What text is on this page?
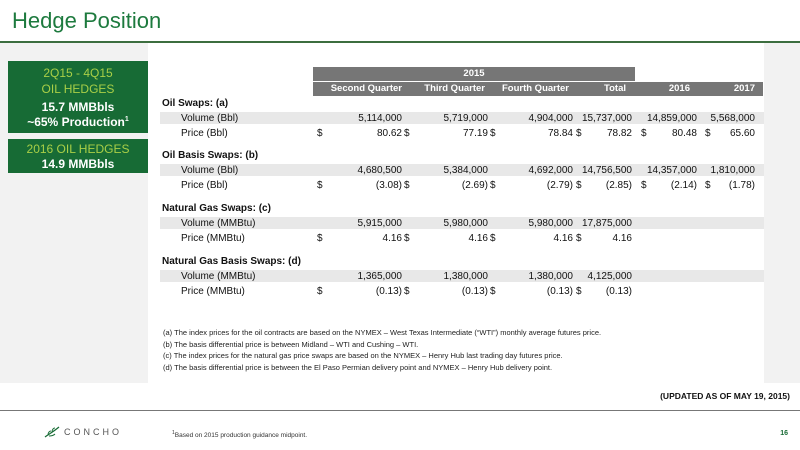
Hedge Position
2Q15 - 4Q15
OIL HEDGES
15.7 MMBbls
~65% Production$^1$
2016 OIL HEDGES
14.9 MMBbls
2015
Second Quarter Third Quarter Fourth Quarter	Total	2016	2017
Oil Swaps: (a)
Volume (Bbl)	5,114,000	5,719,000	4,904,000 15,737,000 14,859,000 5,568,000
Price (Bbl)	$	80.62 $	77.19 $	78.84 $	78.82 $	80.48 $ 65.60
Oil Basis Swaps: (b)
Volume (Bbl)	4,680,500	5,384,000	4,692,000 14,756,500 14,357,000 1,810,000
Price (Bbl)	$	(3.08) $	(2.69) $	(2.79) $ (2.85) $ (2.14) $ (1.78)
Natural Gas Swaps: (c)
Volume (MMBtu)	5,915,000	5,980,000	5,980,000 17,875,000
Price (MMBtu)	$	4.16 $	4.16 $	4.16 $	4.16
Natural Gas Basis Swaps: (d)
Volume (MMBtu)	1,365,000	1,380,000	1,380,000 4,125,000
Price (MMBtu)	$	(0.13) $	(0.13) $	(0.13) $ (0.13)
(a) The index prices for the oil contracts are based on the NYMEX – West Texas Intermediate (“WTI”) monthly average futures price.
(b) The basis differential price is between Midland – WTI and Cushing – WTI.
(c) The index prices for the natural gas price swaps are based on the NYMEX – Henry Hub last trading day futures price.
(d) The basis differential price is between the El Paso Permian delivery point and NYMEX – Henry Hub delivery point.
(UPDATED AS OF MAY 19, 2015)
CONCHO	$^1$Based on 2015 production guidance midpoint.	16
